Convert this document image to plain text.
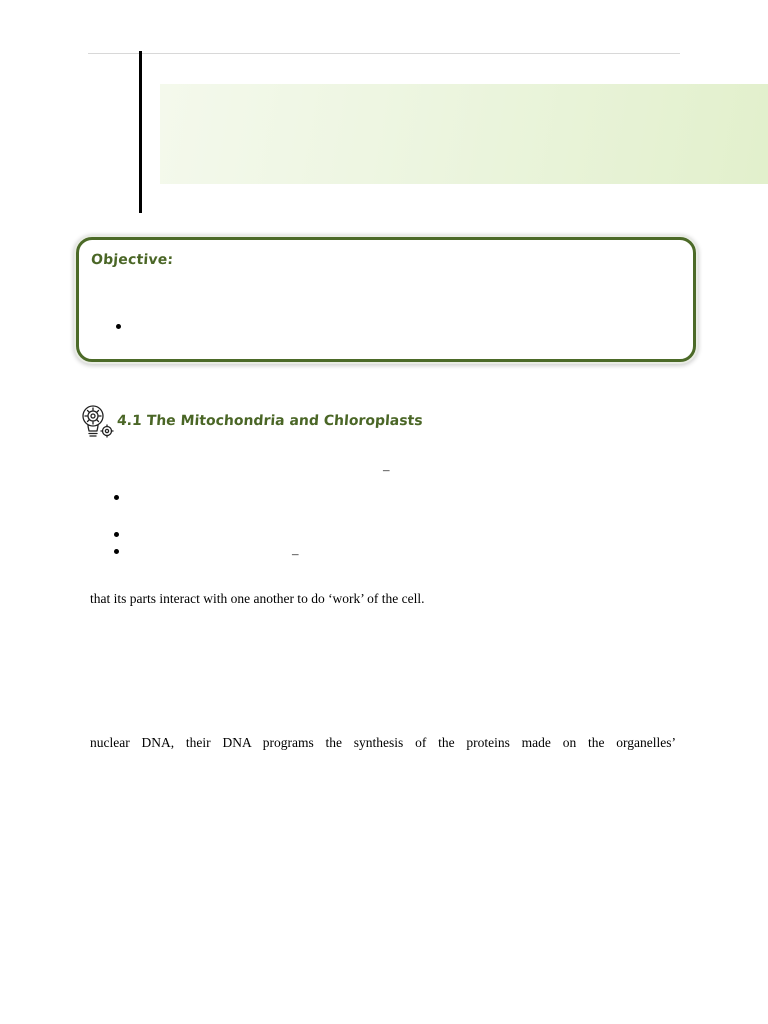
Objective:
4.1 The Mitochondria and Chloroplasts
–
–
that its parts interact with one another to do ‘work’ of the cell.
nuclear DNA, their DNA programs the synthesis of the proteins made on the organelles’
